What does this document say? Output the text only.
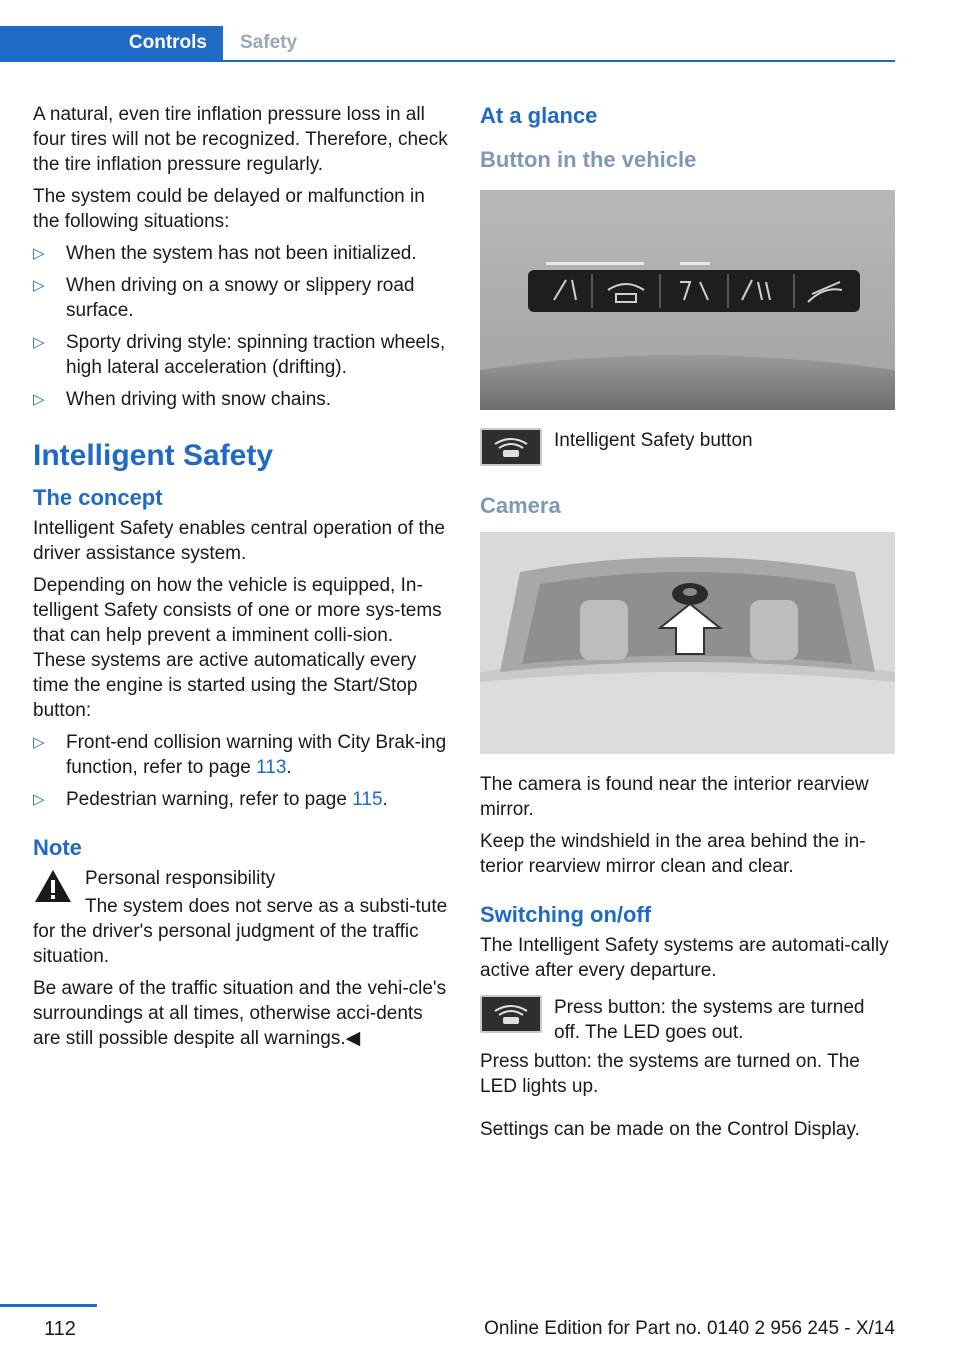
Controls	Safety

A natural, even tire inflation pressure loss in all four tires will not be recognized. Therefore, check the tire inflation pressure regularly.

The system could be delayed or malfunction in the following situations:

▷ When the system has not been initialized.
▷ When driving on a snowy or slippery road surface.
▷ Sporty driving style: spinning traction wheels, high lateral acceleration (drifting).
▷ When driving with snow chains.
Intelligent Safety
The concept

Intelligent Safety enables central operation of the driver assistance system.

Depending on how the vehicle is equipped, In‐telligent Safety consists of one or more sys‐tems that can help prevent a imminent colli‐sion. These systems are active automatically every time the engine is started using the Start/Stop button:

▷ Front-end collision warning with City Brak‐ing function, refer to page 113.
▷ Pedestrian warning, refer to page 115.
Note
Personal responsibility

The system does not serve as a substi‐tute for the driver's personal judgment of the traffic situation.

Be aware of the traffic situation and the vehi‐cle's surroundings at all times, otherwise acci‐dents are still possible despite all warnings.◀

At a glance
Button in the vehicle
Intelligent Safety button
Camera

The camera is found near the interior rearview mirror.

Keep the windshield in the area behind the in‐terior rearview mirror clean and clear.

Switching on/off

The Intelligent Safety systems are automati‐cally active after every departure.

Press button: the systems are turned off. The LED goes out.

Press button: the systems are turned on. The LED lights up.

Settings can be made on the Control Display.

112	Online Edition for Part no. 0140 2 956 245 - X/14
